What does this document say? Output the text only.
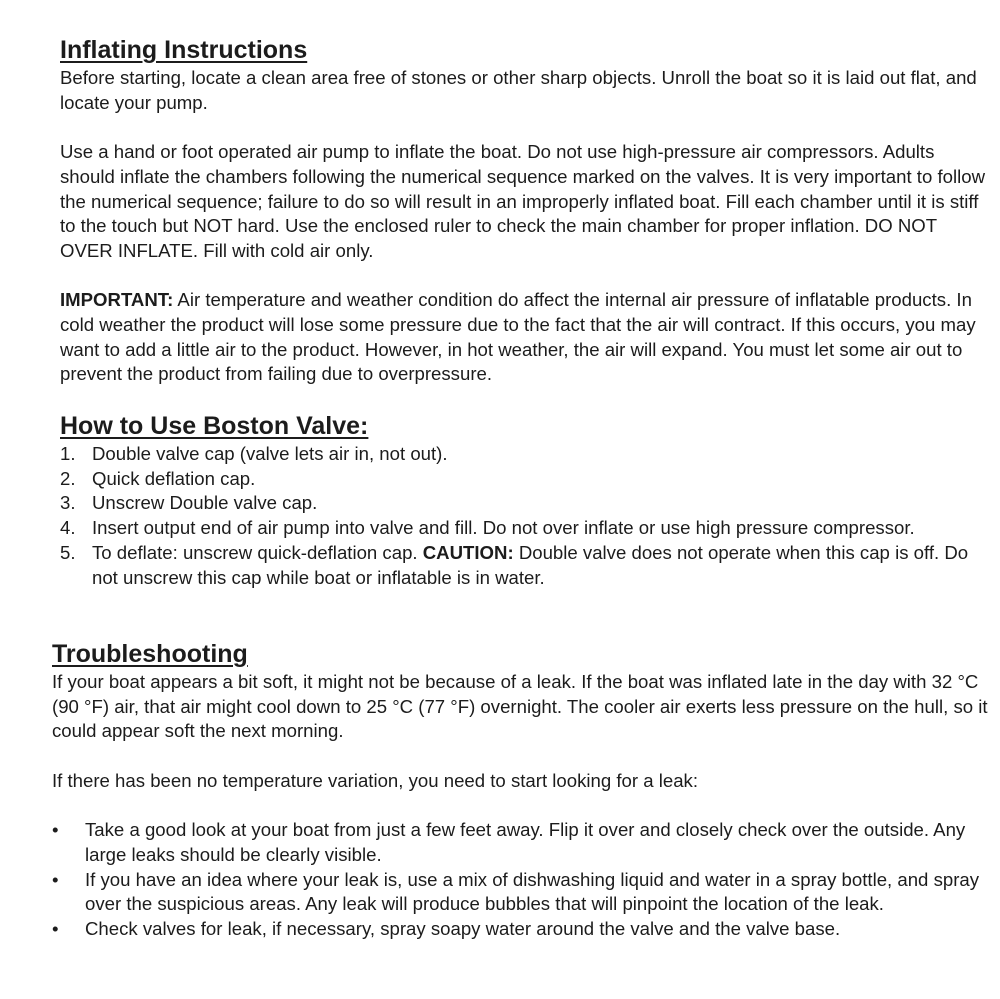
Inflating Instructions

Before starting, locate a clean area free of stones or other sharp objects. Unroll the boat so it is laid out flat, and locate your pump.

Use a hand or foot operated air pump to inflate the boat. Do not use high-pressure air compressors. Adults should inflate the chambers following the numerical sequence marked on the valves. It is very important to follow the numerical sequence; failure to do so will result in an improperly inflated boat. Fill each chamber until it is stiff to the touch but NOT hard. Use the enclosed ruler to check the main chamber for proper inflation. DO NOT OVER INFLATE. Fill with cold air only.

IMPORTANT: Air temperature and weather condition do affect the internal air pressure of inflatable products. In cold weather the product will lose some pressure due to the fact that the air will contract. If this occurs, you may want to add a little air to the product. However, in hot weather, the air will expand. You must let some air out to prevent the product from failing due to overpressure.

How to Use Boston Valve:
1. Double valve cap (valve lets air in, not out).
2. Quick deflation cap.
3. Unscrew Double valve cap.
4. Insert output end of air pump into valve and fill. Do not over inflate or use high pressure compressor.
5. To deflate: unscrew quick-deflation cap. CAUTION: Double valve does not operate when this cap is off. Do not unscrew this cap while boat or inflatable is in water.
Troubleshooting

If your boat appears a bit soft, it might not be because of a leak. If the boat was inflated late in the day with 32 °C (90 °F) air, that air might cool down to 25 °C (77 °F) overnight. The cooler air exerts less pressure on the hull, so it could appear soft the next morning.

If there has been no temperature variation, you need to start looking for a leak:

• Take a good look at your boat from just a few feet away. Flip it over and closely check over the outside. Any large leaks should be clearly visible.
• If you have an idea where your leak is, use a mix of dishwashing liquid and water in a spray bottle, and spray over the suspicious areas. Any leak will produce bubbles that will pinpoint the location of the leak.
• Check valves for leak, if necessary, spray soapy water around the valve and the valve base.
